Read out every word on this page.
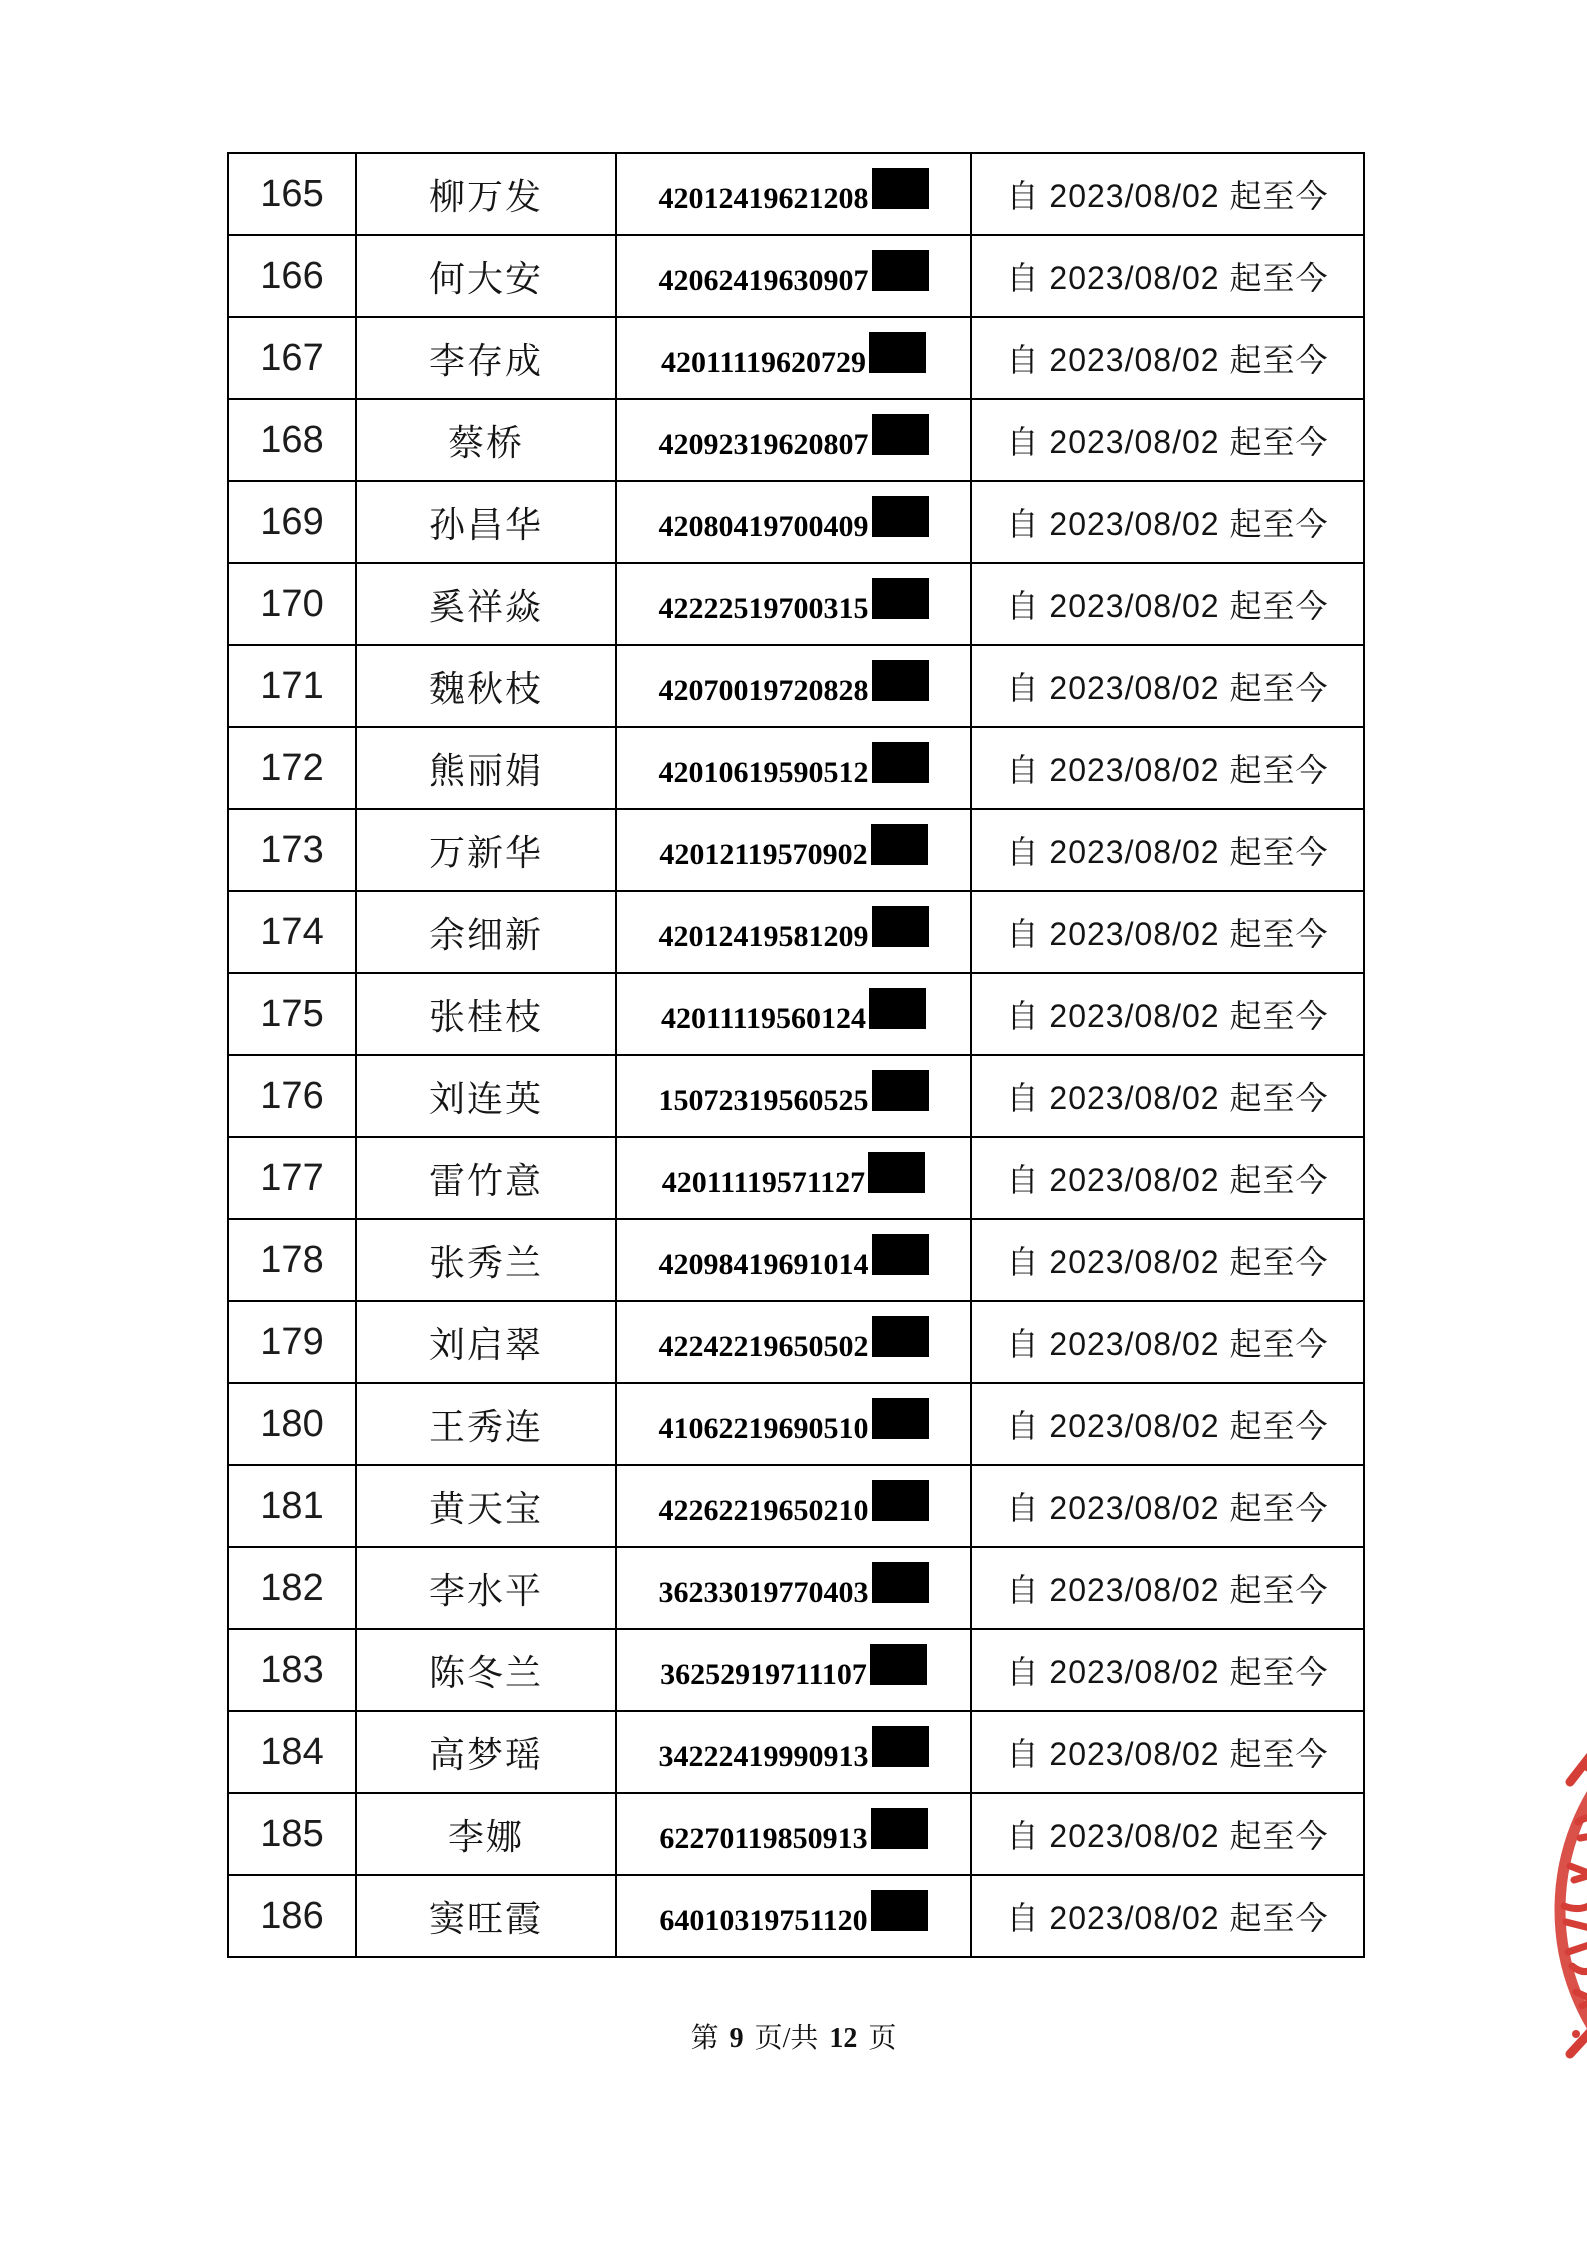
165	柳万发	42012419621208	自 2023/08/02 起至今
166	何大安	42062419630907	自 2023/08/02 起至今
167	李存成	42011119620729	自 2023/08/02 起至今
168	蔡桥	42092319620807	自 2023/08/02 起至今
169	孙昌华	42080419700409	自 2023/08/02 起至今
170	奚祥焱	42222519700315	自 2023/08/02 起至今
171	魏秋枝	42070019720828	自 2023/08/02 起至今
172	熊丽娟	42010619590512	自 2023/08/02 起至今
173	万新华	42012119570902	自 2023/08/02 起至今
174	余细新	42012419581209	自 2023/08/02 起至今
175	张桂枝	42011119560124	自 2023/08/02 起至今
176	刘连英	15072319560525	自 2023/08/02 起至今
177	雷竹意	42011119571127	自 2023/08/02 起至今
178	张秀兰	42098419691014	自 2023/08/02 起至今
179	刘启翠	42242219650502	自 2023/08/02 起至今
180	王秀连	41062219690510	自 2023/08/02 起至今
181	黄天宝	42262219650210	自 2023/08/02 起至今
182	李水平	36233019770403	自 2023/08/02 起至今
183	陈冬兰	36252919711107	自 2023/08/02 起至今
184	高梦瑶	34222419990913	自 2023/08/02 起至今
185	李娜	62270119850913	自 2023/08/02 起至今
186	窦旺霞	64010319751120	自 2023/08/02 起至今
第 9 页/共 12 页
